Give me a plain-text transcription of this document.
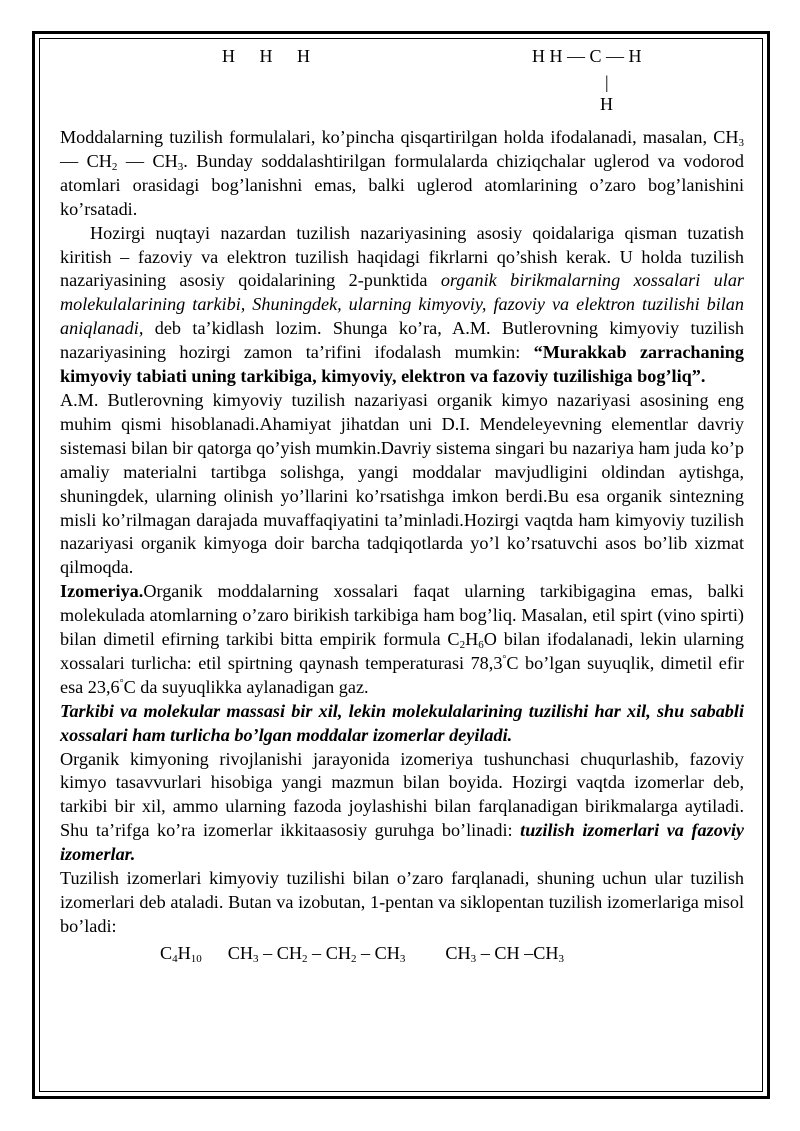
H H H	H H — C — H
|
H

Moddalarning tuzilish formulalari, ko’pincha qisqartirilgan holda ifodalanadi, masalan, $CH_3$ — $CH_2$ — $CH_3$. Bunday soddalashtirilgan formulalarda chiziqchalar uglerod va vodorod atomlari orasidagi bog’lanishni emas, balki uglerod atomlarining o’zaro bog’lanishini ko’rsatadi.

Hozirgi nuqtayi nazardan tuzilish nazariyasining asosiy qoidalariga qisman tuzatish kiritish – fazoviy va elektron tuzilish haqidagi fikrlarni qo’shish kerak. U holda tuzilish nazariyasining asosiy qoidalarining 2-punktida organik birikmalarning xossalari ular molekulalarining tarkibi, Shuningdek, ularning kimyoviy, fazoviy va elektron tuzilishi bilan aniqlanadi, deb ta’kidlash lozim. Shunga ko’ra, A.M. Butlerovning kimyoviy tuzilish nazariyasining hozirgi zamon ta’rifini ifodalash mumkin: “Murakkab zarrachaning kimyoviy tabiati uning tarkibiga, kimyoviy, elektron va fazoviy tuzilishiga bog’liq”.

A.M. Butlerovning kimyoviy tuzilish nazariyasi organik kimyo nazariyasi asosining eng muhim qismi hisoblanadi.Ahamiyat jihatdan uni D.I. Mendeleyevning elementlar davriy sistemasi bilan bir qatorga qo’yish mumkin.Davriy sistema singari bu nazariya ham juda ko’p amaliy materialni tartibga solishga, yangi moddalar mavjudligini oldindan aytishga, shuningdek, ularning olinish yo’llarini ko’rsatishga imkon berdi.Bu esa organik sintezning misli ko’rilmagan darajada muvaffaqiyatini ta’minladi.Hozirgi vaqtda ham kimyoviy tuzilish nazariyasi organik kimyoga doir barcha tadqiqotlarda yo’l ko’rsatuvchi asos bo’lib xizmat qilmoqda.

Izomeriya.Organik moddalarning xossalari faqat ularning tarkibigagina emas, balki molekulada atomlarning o’zaro birikish tarkibiga ham bog’liq. Masalan, etil spirt (vino spirti) bilan dimetil efirning tarkibi bitta empirik formula $C_2H_6O$ bilan ifodalanadi, lekin ularning xossalari turlicha: etil spirtning qaynash temperaturasi 78,3°C bo’lgan suyuqlik, dimetil efir esa 23,6°C da suyuqlikka aylanadigan gaz.

Tarkibi va molekular massasi bir xil, lekin molekulalarining tuzilishi har xil, shu sababli xossalari ham turlicha bo’lgan moddalar izomerlar deyiladi.

Organik kimyoning rivojlanishi jarayonida izomeriya tushunchasi chuqurlashib, fazoviy kimyo tasavvurlari hisobiga yangi mazmun bilan boyida. Hozirgi vaqtda izomerlar deb, tarkibi bir xil, ammo ularning fazoda joylashishi bilan farqlanadigan birikmalarga aytiladi. Shu ta’rifga ko’ra izomerlar ikkitaasosiy guruhga bo’linadi: tuzilish izomerlari va fazoviy izomerlar.

Tuzilish izomerlari kimyoviy tuzilishi bilan o’zaro farqlanadi, shuning uchun ular tuzilish izomerlari deb ataladi. Butan va izobutan, 1-pentan va siklopentan tuzilish izomerlariga misol bo’ladi:

$C_4H_{10}$ $CH_3 - CH_2 - CH_2 - CH_3$ $CH_3$ – CH $-CH_3$
